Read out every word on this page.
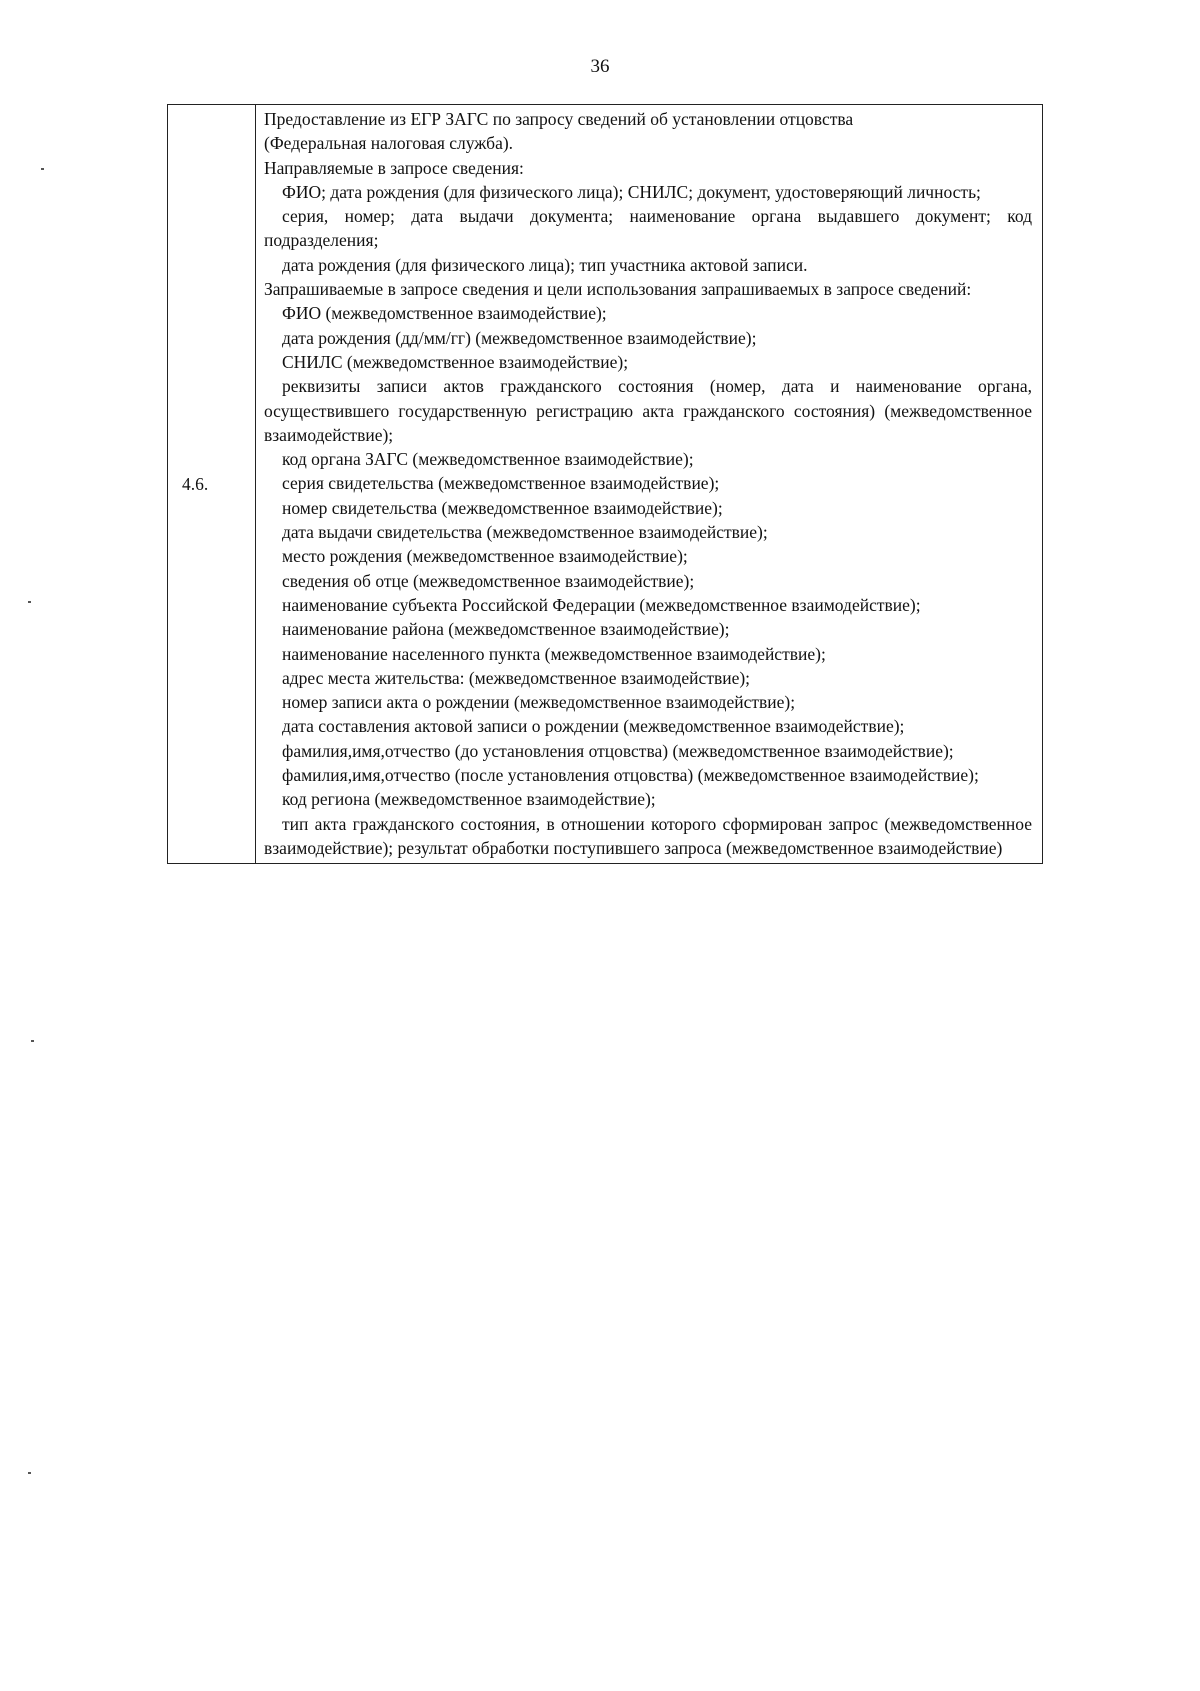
36
4.6.	
Предоставление из ЕГР ЗАГС по запросу сведений об установлении отцовства
(Федеральная налоговая служба).
Направляемые в запросе сведения:
ФИО; дата рождения (для физического лица); СНИЛС; документ, удостоверяющий личность;
серия, номер; дата выдачи документа; наименование органа выдавшего документ; код подразделения;
дата рождения (для физического лица); тип участника актовой записи.
Запрашиваемые в запросе сведения и цели использования запрашиваемых в запросе сведений:
ФИО (межведомственное взаимодействие);
дата рождения (дд/мм/гг) (межведомственное взаимодействие);
СНИЛС (межведомственное взаимодействие);
реквизиты записи актов гражданского состояния (номер, дата и наименование органа, осуществившего государственную регистрацию акта гражданского состояния) (межведомственное взаимодействие);
код органа ЗАГС (межведомственное взаимодействие);
серия свидетельства (межведомственное взаимодействие);
номер свидетельства (межведомственное взаимодействие);
дата выдачи свидетельства (межведомственное взаимодействие);
место рождения (межведомственное взаимодействие);
сведения об отце (межведомственное взаимодействие);
наименование субъекта Российской Федерации (межведомственное взаимодействие);
наименование района (межведомственное взаимодействие);
наименование населенного пункта (межведомственное взаимодействие);
адрес места жительства: (межведомственное взаимодействие);
номер записи акта о рождении (межведомственное взаимодействие);
дата составления актовой записи о рождении (межведомственное взаимодействие);
фамилия,имя,отчество (до установления отцовства) (межведомственное взаимодействие);
фамилия,имя,отчество (после установления отцовства) (межведомственное взаимодействие);
код региона (межведомственное взаимодействие);
тип акта гражданского состояния, в отношении которого сформирован запрос (межведомственное взаимодействие); результат обработки поступившего запроса (межведомственное взаимодействие)
